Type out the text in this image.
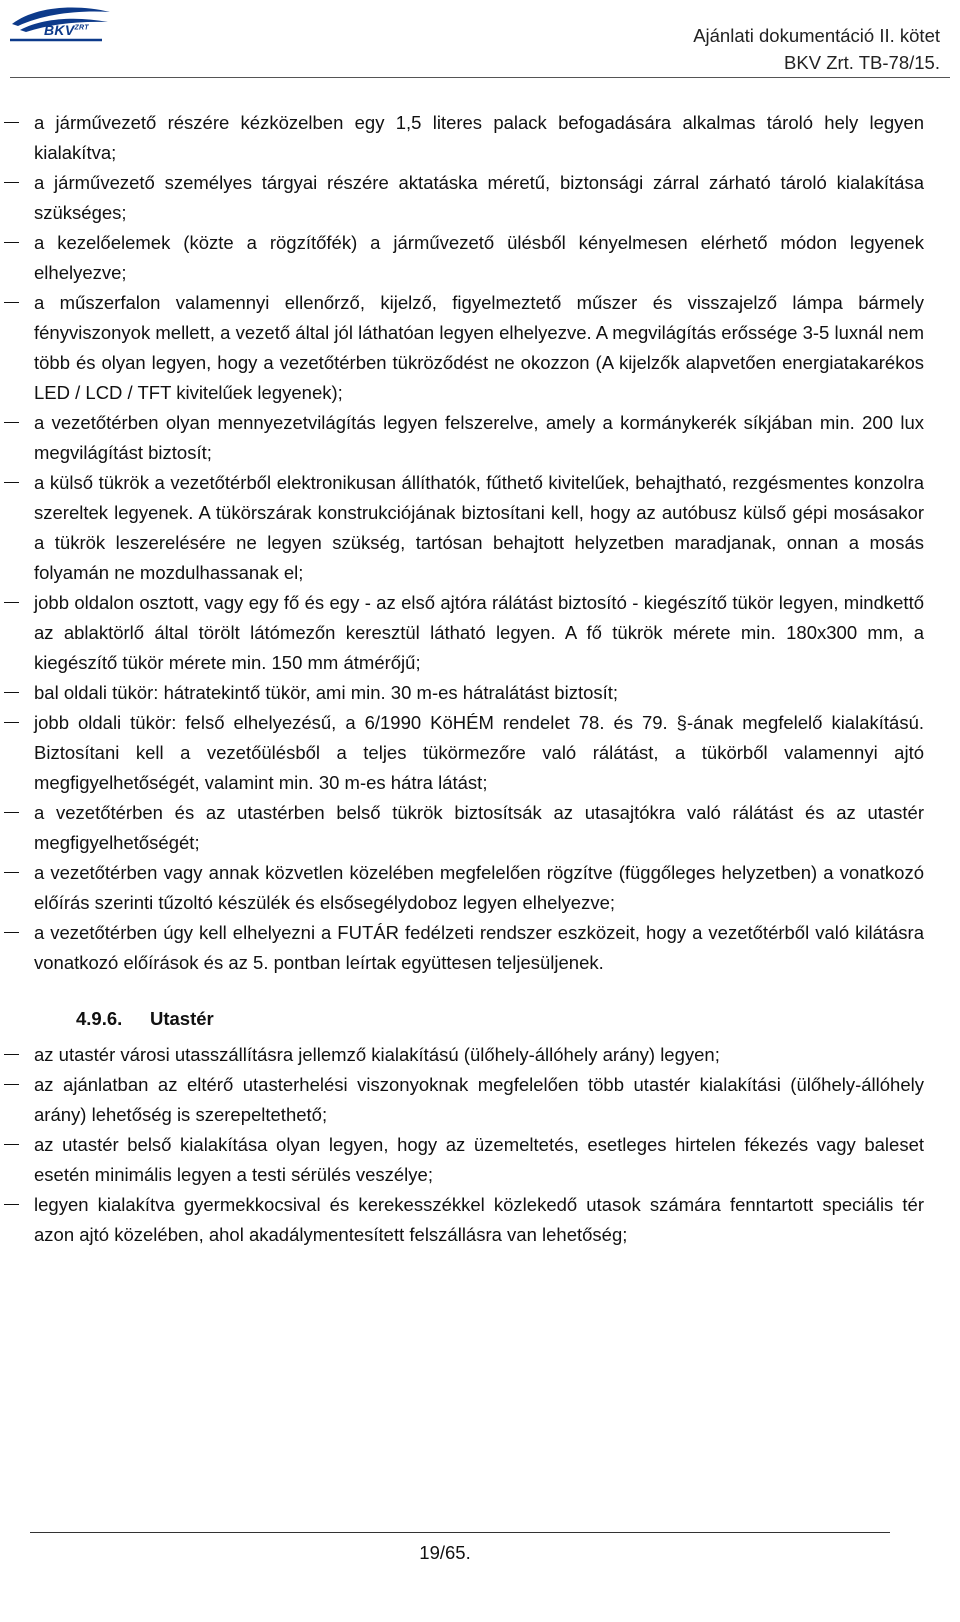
$BKV^{ZRT}$	Ajánlati dokumentáció II. kötet
BKV Zrt. TB-78/15.
a járművezető részére kézközelben egy 1,5 literes palack befogadására alkalmas tároló hely legyen kialakítva;
a járművezető személyes tárgyai részére aktatáska méretű, biztonsági zárral zárható tároló kialakítása szükséges;
a kezelőelemek (közte a rögzítőfék) a járművezető ülésből kényelmesen elérhető módon legyenek elhelyezve;
a műszerfalon valamennyi ellenőrző, kijelző, figyelmeztető műszer és visszajelző lámpa bármely fényviszonyok mellett, a vezető által jól láthatóan legyen elhelyezve. A megvilágítás erőssége 3-5 luxnál nem több és olyan legyen, hogy a vezetőtérben tükröződést ne okozzon (A kijelzők alapvetően energiatakarékos LED / LCD / TFT kivitelűek legyenek);
a vezetőtérben olyan mennyezetvilágítás legyen felszerelve, amely a kormánykerék síkjában min. 200 lux megvilágítást biztosít;
a külső tükrök a vezetőtérből elektronikusan állíthatók, fűthető kivitelűek, behajtható, rezgésmentes konzolra szereltek legyenek. A tükörszárak konstrukciójának biztosítani kell, hogy az autóbusz külső gépi mosásakor a tükrök leszerelésére ne legyen szükség, tartósan behajtott helyzetben maradjanak, onnan a mosás folyamán ne mozdulhassanak el;
jobb oldalon osztott, vagy egy fő és egy - az első ajtóra rálátást biztosító - kiegészítő tükör legyen, mindkettő az ablaktörlő által törölt látómezőn keresztül látható legyen. A fő tükrök mérete min. 180x300 mm, a kiegészítő tükör mérete min. 150 mm átmérőjű;
bal oldali tükör: hátratekintő tükör, ami min. 30 m-es hátralátást biztosít;
jobb oldali tükör: felső elhelyezésű, a 6/1990 KöHÉM rendelet 78. és 79. §-ának megfelelő kialakítású. Biztosítani kell a vezetőülésből a teljes tükörmezőre való rálátást, a tükörből valamennyi ajtó megfigyelhetőségét, valamint min. 30 m-es hátra látást;
a vezetőtérben és az utastérben belső tükrök biztosítsák az utasajtókra való rálátást és az utastér megfigyelhetőségét;
a vezetőtérben vagy annak közvetlen közelében megfelelően rögzítve (függőleges helyzetben) a vonatkozó előírás szerinti tűzoltó készülék és elsősegélydoboz legyen elhelyezve;
a vezetőtérben úgy kell elhelyezni a FUTÁR fedélzeti rendszer eszközeit, hogy a vezetőtérből való kilátásra vonatkozó előírások és az 5. pontban leírtak együttesen teljesüljenek.
4.9.6. Utastér
az utastér városi utasszállításra jellemző kialakítású (ülőhely-állóhely arány) legyen;
az ajánlatban az eltérő utasterhelési viszonyoknak megfelelően több utastér kialakítási (ülőhely-állóhely arány) lehetőség is szerepeltethető;
az utastér belső kialakítása olyan legyen, hogy az üzemeltetés, esetleges hirtelen fékezés vagy baleset esetén minimális legyen a testi sérülés veszélye;
legyen kialakítva gyermekkocsival és kerekesszékkel közlekedő utasok számára fenntartott speciális tér azon ajtó közelében, ahol akadálymentesített felszállásra van lehetőség;
19/65.
